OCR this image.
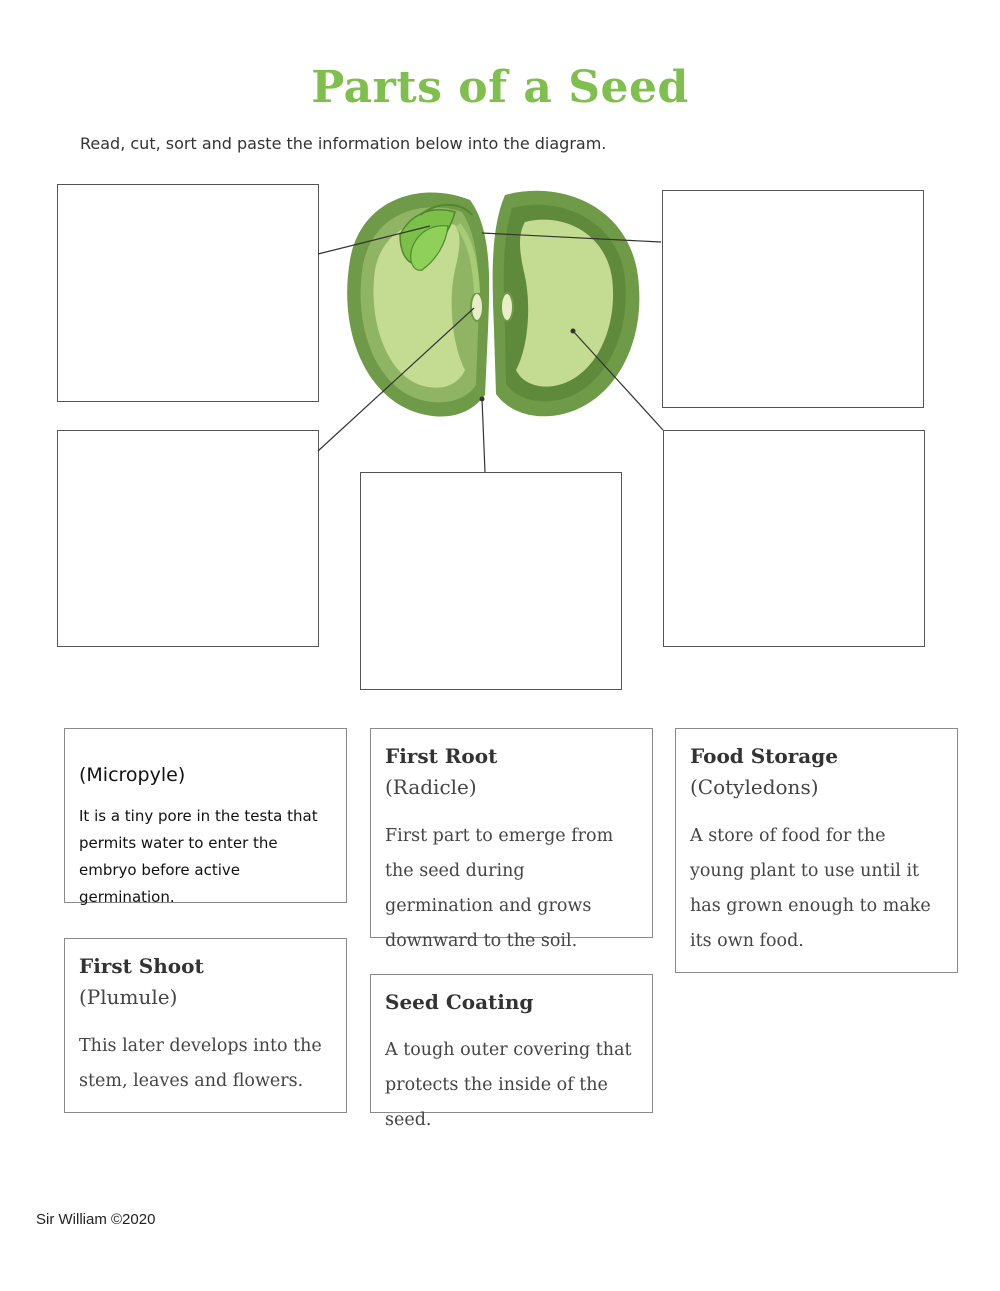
Parts of a Seed
Read, cut, sort and paste the information below into the diagram.
(Micropyle)
It is a tiny pore in the testa that permits water to enter the embryo before active germination.
First Root
(Radicle)
First part to emerge from the seed during germination and grows downward to the soil.
Food Storage
(Cotyledons)
A store of food for the young plant to use until it has grown enough to make its own food.
First Shoot
(Plumule)
This later develops into the stem, leaves and flowers.
Seed Coating
A tough outer covering that protects the inside of the seed.
Sir William ©2020
